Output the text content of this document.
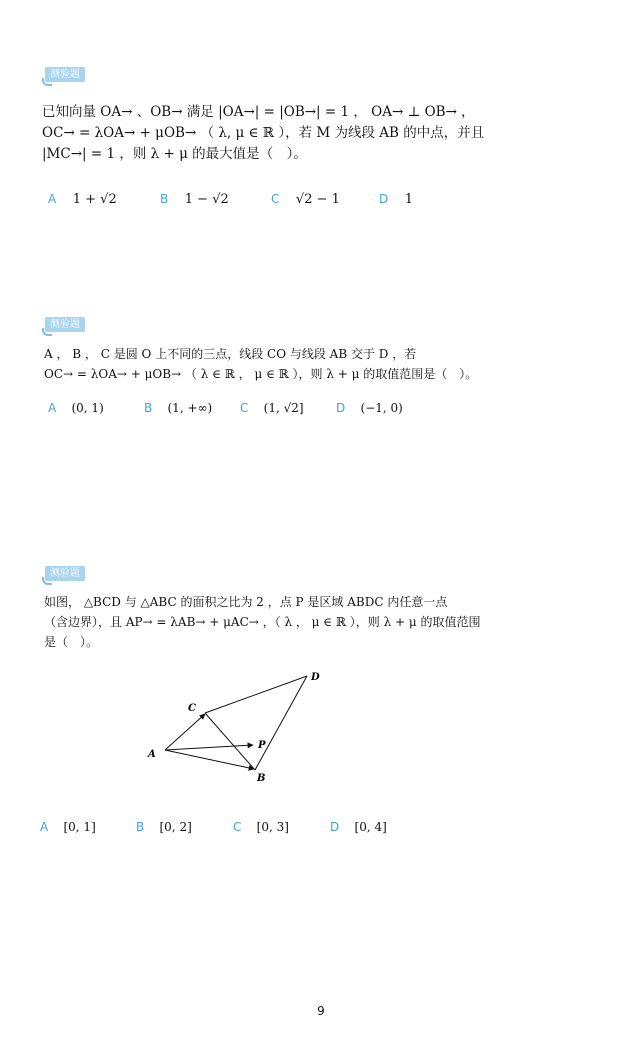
测验题
已知向量 OA→ 、OB→ 满足 |OA→| = |OB→| = 1 ， OA→ ⊥ OB→ ，
OC→ = λOA→ + μOB→ （ λ, μ ∈ ℝ ），若 M 为线段 AB 的中点，并且
|MC→| = 1 ，则 λ + μ 的最大值是（　）。
A 1 + √2	B 1 − √2	C √2 − 1	D 1
测验题
A ， B ， C 是圆 O 上不同的三点，线段 CO 与线段 AB 交于 D ，若
OC→ = λOA→ + μOB→ （ λ ∈ ℝ ， μ ∈ ℝ ），则 λ + μ 的取值范围是（　）。
A (0, 1)	B (1, +∞) C (1, √2]	D (−1, 0)
测验题
如图， △BCD 与 △ABC 的面积之比为 2 ，点 P 是区域 ABDC 内任意一点
（含边界），且 AP→ = λAB→ + μAC→ ，（ λ ， μ ∈ ℝ ），则 λ + μ 的取值范围
是（　）。
A
B
C
D
P
A [0, 1]	B [0, 2]	C [0, 3]	D [0, 4]
9
